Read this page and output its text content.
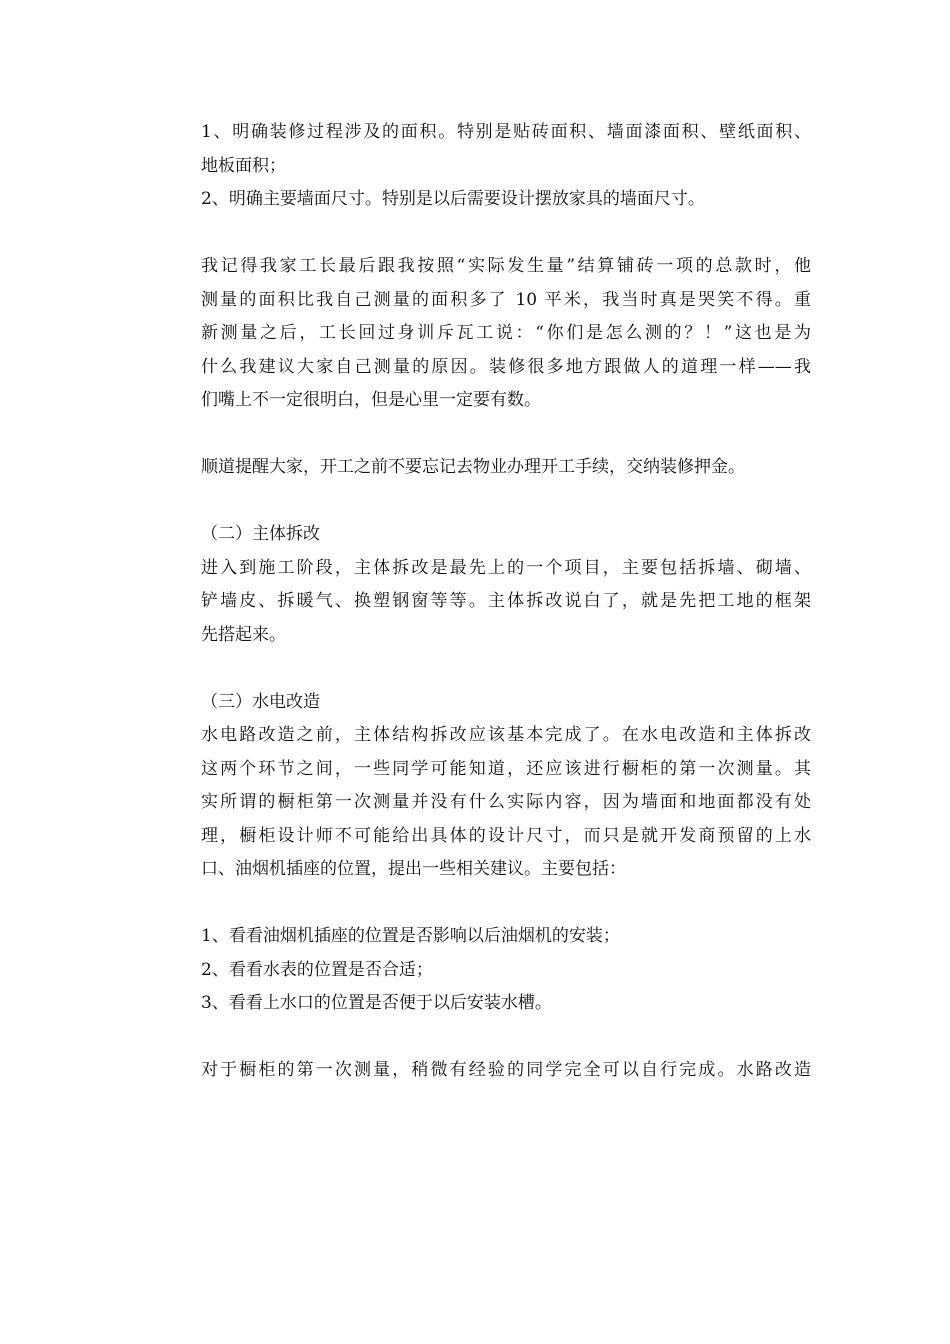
1、明确装修过程涉及的面积。特别是贴砖面积、墙面漆面积、壁纸面积、
地板面积；
2、明确主要墙面尺寸。特别是以后需要设计摆放家具的墙面尺寸。
我记得我家工长最后跟我按照“实际发生量”结算铺砖一项的总款时，他
测量的面积比我自己测量的面积多了 10 平米，我当时真是哭笑不得。重
新测量之后，工长回过身训斥瓦工说：“你们是怎么测的？！”这也是为
什么我建议大家自己测量的原因。装修很多地方跟做人的道理一样——我
们嘴上不一定很明白，但是心里一定要有数。
顺道提醒大家，开工之前不要忘记去物业办理开工手续，交纳装修押金。
（二）主体拆改
进入到施工阶段，主体拆改是最先上的一个项目，主要包括拆墙、砌墙、
铲墙皮、拆暖气、换塑钢窗等等。主体拆改说白了，就是先把工地的框架
先搭起来。
（三）水电改造
水电路改造之前，主体结构拆改应该基本完成了。在水电改造和主体拆改
这两个环节之间，一些同学可能知道，还应该进行橱柜的第一次测量。其
实所谓的橱柜第一次测量并没有什么实际内容，因为墙面和地面都没有处
理，橱柜设计师不可能给出具体的设计尺寸，而只是就开发商预留的上水
口、油烟机插座的位置，提出一些相关建议。主要包括：
1、看看油烟机插座的位置是否影响以后油烟机的安装；
2、看看水表的位置是否合适；
3、看看上水口的位置是否便于以后安装水槽。
对于橱柜的第一次测量，稍微有经验的同学完全可以自行完成。水路改造
